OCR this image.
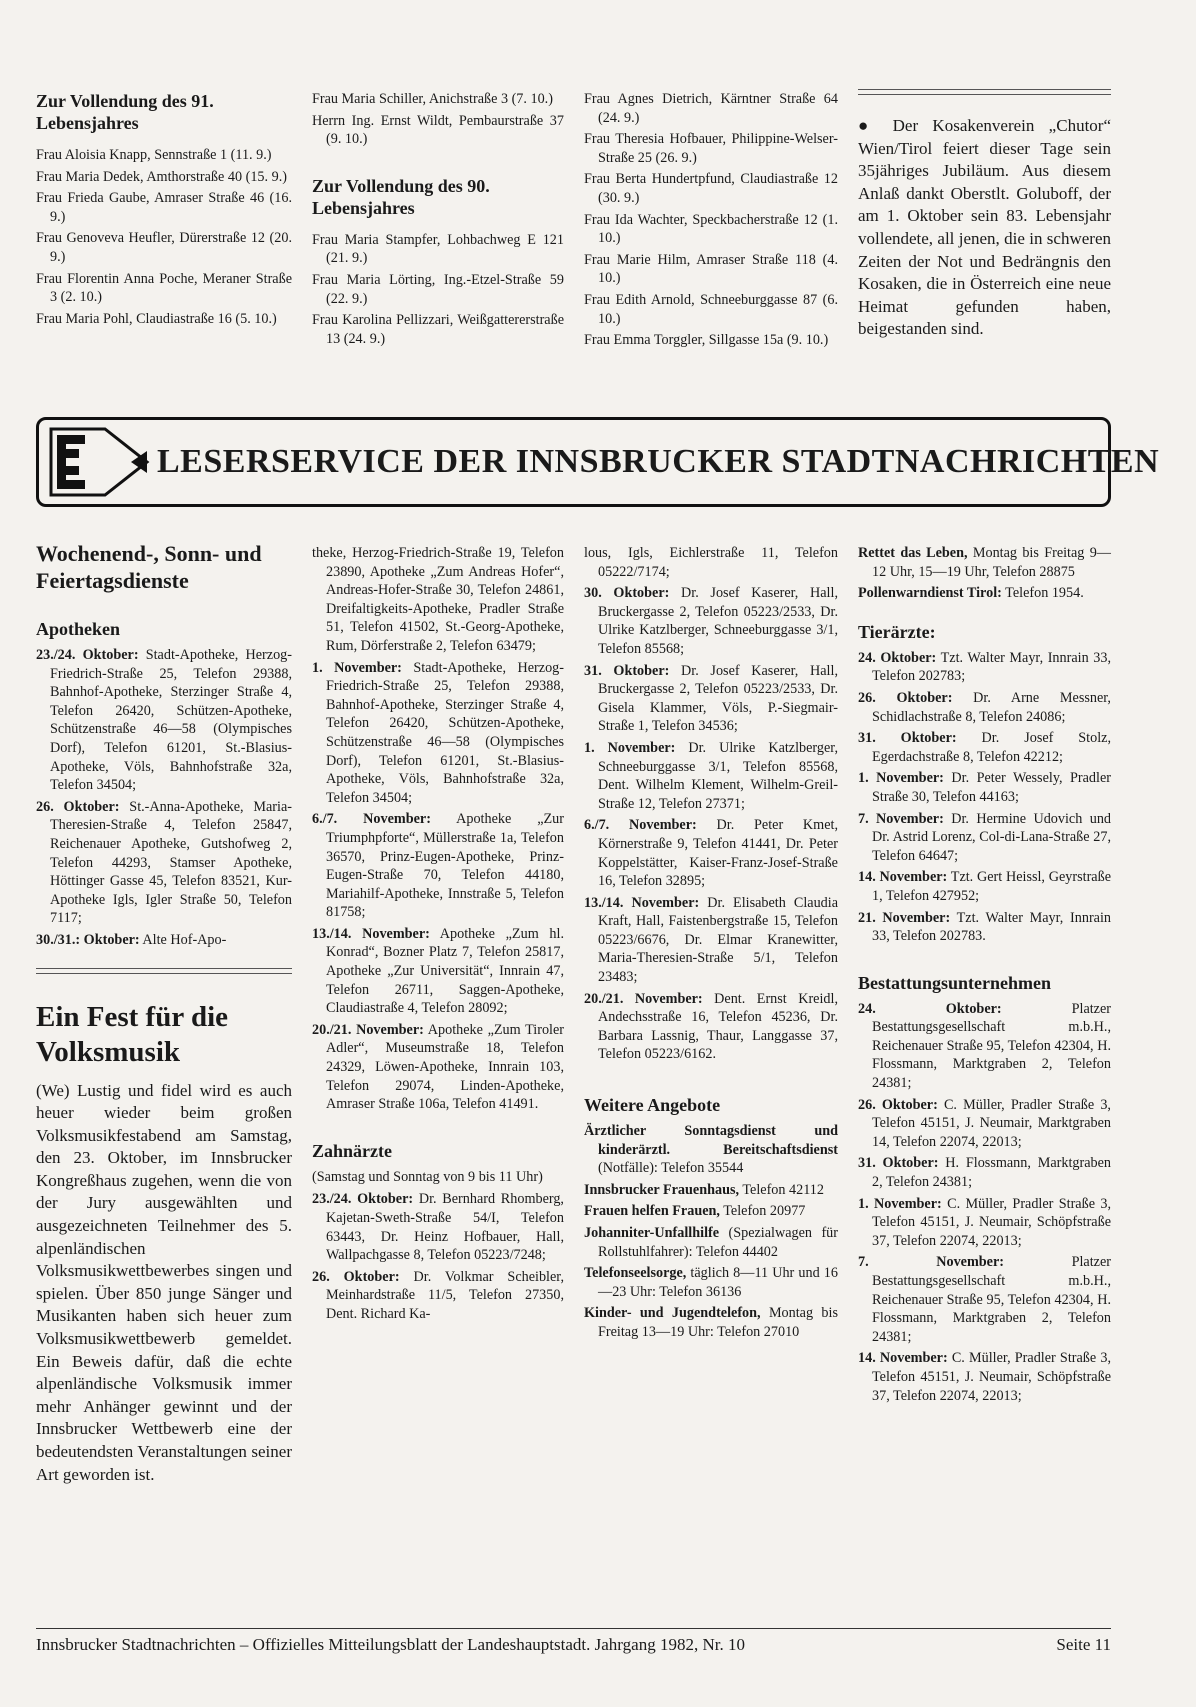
Zur Vollendung des 91. Lebensjahres
Frau Aloisia Knapp, Sennstraße 1 (11. 9.)
Frau Maria Dedek, Amthorstraße 40 (15. 9.)
Frau Frieda Gaube, Amraser Straße 46 (16. 9.)
Frau Genoveva Heufler, Dürerstraße 12 (20. 9.)
Frau Florentin Anna Poche, Meraner Straße 3 (2. 10.)
Frau Maria Pohl, Claudiastraße 16 (5. 10.)
Frau Maria Schiller, Anichstraße 3 (7. 10.)
Herrn Ing. Ernst Wildt, Pembaurstraße 37 (9. 10.)
Zur Vollendung des 90. Lebensjahres
Frau Maria Stampfer, Lohbachweg E 121 (21. 9.)
Frau Maria Lörting, Ing.-Etzel-Straße 59 (22. 9.)
Frau Karolina Pellizzari, Weißgattererstraße 13 (24. 9.)
Frau Agnes Dietrich, Kärntner Straße 64 (24. 9.)
Frau Theresia Hofbauer, Philippine-Welser-Straße 25 (26. 9.)
Frau Berta Hundertpfund, Claudiastraße 12 (30. 9.)
Frau Ida Wachter, Speckbacherstraße 12 (1. 10.)
Frau Marie Hilm, Amraser Straße 118 (4. 10.)
Frau Edith Arnold, Schneeburggasse 87 (6. 10.)
Frau Emma Torggler, Sillgasse 15a (9. 10.)

● Der Kosakenverein „Chutor“ Wien/Tirol feiert dieser Tage sein 35jähriges Jubiläum. Aus diesem Anlaß dankt Oberstlt. Goluboff, der am 1. Oktober sein 83. Lebensjahr vollendete, all jenen, die in schweren Zeiten der Not und Bedrängnis den Kosaken, die in Österreich eine neue Heimat gefunden haben, beigestanden sind.

LESERSERVICE DER INNSBRUCKER STADTNACHRICHTEN
Wochenend-, Sonn- und Feiertagsdienste
Apotheken
23./24. Oktober: Stadt-Apotheke, Herzog-Friedrich-Straße 25, Telefon 29388, Bahnhof-Apotheke, Sterzinger Straße 4, Telefon 26420, Schützen-Apotheke, Schützenstraße 46—58 (Olympisches Dorf), Telefon 61201, St.-Blasius-Apotheke, Völs, Bahnhofstraße 32a, Telefon 34504;
26. Oktober: St.-Anna-Apotheke, Maria-Theresien-Straße 4, Telefon 25847, Reichenauer Apotheke, Gutshofweg 2, Telefon 44293, Stamser Apotheke, Höttinger Gasse 45, Telefon 83521, Kur-Apotheke Igls, Igler Straße 50, Telefon 7117;
30./31.: Oktober: Alte Hof-Apo-
Ein Fest für die Volksmusik

(We) Lustig und fidel wird es auch heuer wieder beim großen Volksmusikfestabend am Samstag, den 23. Oktober, im Innsbrucker Kongreßhaus zugehen, wenn die von der Jury ausgewählten und ausgezeichneten Teilnehmer des 5. alpenländischen Volksmusikwettbewerbes singen und spielen. Über 850 junge Sänger und Musikanten haben sich heuer zum Volksmusikwettbewerb gemeldet. Ein Beweis dafür, daß die echte alpenländische Volksmusik immer mehr Anhänger gewinnt und der Innsbrucker Wettbewerb eine der bedeutendsten Veranstaltungen seiner Art geworden ist.

theke, Herzog-Friedrich-Straße 19, Telefon 23890, Apotheke „Zum Andreas Hofer“, Andreas-Hofer-Straße 30, Telefon 24861, Dreifaltigkeits-Apotheke, Pradler Straße 51, Telefon 41502, St.-Georg-Apotheke, Rum, Dörferstraße 2, Telefon 63479;
1. November: Stadt-Apotheke, Herzog-Friedrich-Straße 25, Telefon 29388, Bahnhof-Apotheke, Sterzinger Straße 4, Telefon 26420, Schützen-Apotheke, Schützenstraße 46—58 (Olympisches Dorf), Telefon 61201, St.-Blasius-Apotheke, Völs, Bahnhofstraße 32a, Telefon 34504;
6./7. November: Apotheke „Zur Triumphpforte“, Müllerstraße 1a, Telefon 36570, Prinz-Eugen-Apotheke, Prinz-Eugen-Straße 70, Telefon 44180, Mariahilf-Apotheke, Innstraße 5, Telefon 81758;
13./14. November: Apotheke „Zum hl. Konrad“, Bozner Platz 7, Telefon 25817, Apotheke „Zur Universität“, Innrain 47, Telefon 26711, Saggen-Apotheke, Claudiastraße 4, Telefon 28092;
20./21. November: Apotheke „Zum Tiroler Adler“, Museumstraße 18, Telefon 24329, Löwen-Apotheke, Innrain 103, Telefon 29074, Linden-Apotheke, Amraser Straße 106a, Telefon 41491.
Zahnärzte

(Samstag und Sonntag von 9 bis 11 Uhr)

23./24. Oktober: Dr. Bernhard Rhomberg, Kajetan-Sweth-Straße 54/I, Telefon 63443, Dr. Heinz Hofbauer, Hall, Wallpachgasse 8, Telefon 05223/7248;
26. Oktober: Dr. Volkmar Scheibler, Meinhardstraße 11/5, Telefon 27350, Dent. Richard Ka-
lous, Igls, Eichlerstraße 11, Telefon 05222/7174;
30. Oktober: Dr. Josef Kaserer, Hall, Bruckergasse 2, Telefon 05223/2533, Dr. Ulrike Katzlberger, Schneeburggasse 3/1, Telefon 85568;
31. Oktober: Dr. Josef Kaserer, Hall, Bruckergasse 2, Telefon 05223/2533, Dr. Gisela Klammer, Völs, P.-Siegmair-Straße 1, Telefon 34536;
1. November: Dr. Ulrike Katzlberger, Schneeburggasse 3/1, Telefon 85568, Dent. Wilhelm Klement, Wilhelm-Greil-Straße 12, Telefon 27371;
6./7. November: Dr. Peter Kmet, Körnerstraße 9, Telefon 41441, Dr. Peter Koppelstätter, Kaiser-Franz-Josef-Straße 16, Telefon 32895;
13./14. November: Dr. Elisabeth Claudia Kraft, Hall, Faistenbergstraße 15, Telefon 05223/6676, Dr. Elmar Kranewitter, Maria-Theresien-Straße 5/1, Telefon 23483;
20./21. November: Dent. Ernst Kreidl, Andechsstraße 16, Telefon 45236, Dr. Barbara Lassnig, Thaur, Langgasse 37, Telefon 05223/6162.
Weitere Angebote
Ärztlicher Sonntagsdienst und kinderärztl. Bereitschaftsdienst (Notfälle): Telefon 35544
Innsbrucker Frauenhaus, Telefon 42112
Frauen helfen Frauen, Telefon 20977
Johanniter-Unfallhilfe (Spezialwagen für Rollstuhlfahrer): Telefon 44402
Telefonseelsorge, täglich 8—11 Uhr und 16—23 Uhr: Telefon 36136
Kinder- und Jugendtelefon, Montag bis Freitag 13—19 Uhr: Telefon 27010
Rettet das Leben, Montag bis Freitag 9—12 Uhr, 15—19 Uhr, Telefon 28875
Pollenwarndienst Tirol: Telefon 1954.
Tierärzte:
24. Oktober: Tzt. Walter Mayr, Innrain 33, Telefon 202783;
26. Oktober: Dr. Arne Messner, Schidlachstraße 8, Telefon 24086;
31. Oktober: Dr. Josef Stolz, Egerdachstraße 8, Telefon 42212;
1. November: Dr. Peter Wessely, Pradler Straße 30, Telefon 44163;
7. November: Dr. Hermine Udovich und Dr. Astrid Lorenz, Col-di-Lana-Straße 27, Telefon 64647;
14. November: Tzt. Gert Heissl, Geyrstraße 1, Telefon 427952;
21. November: Tzt. Walter Mayr, Innrain 33, Telefon 202783.
Bestattungsunternehmen
24. Oktober: Platzer Bestattungsgesellschaft m.b.H., Reichenauer Straße 95, Telefon 42304, H. Flossmann, Marktgraben 2, Telefon 24381;
26. Oktober: C. Müller, Pradler Straße 3, Telefon 45151, J. Neumair, Marktgraben 14, Telefon 22074, 22013;
31. Oktober: H. Flossmann, Marktgraben 2, Telefon 24381;
1. November: C. Müller, Pradler Straße 3, Telefon 45151, J. Neumair, Schöpfstraße 37, Telefon 22074, 22013;
7. November: Platzer Bestattungsgesellschaft m.b.H., Reichenauer Straße 95, Telefon 42304, H. Flossmann, Marktgraben 2, Telefon 24381;
14. November: C. Müller, Pradler Straße 3, Telefon 45151, J. Neumair, Schöpfstraße 37, Telefon 22074, 22013;
Innsbrucker Stadtnachrichten – Offizielles Mitteilungsblatt der Landeshauptstadt. Jahrgang 1982, Nr. 10	Seite 11
